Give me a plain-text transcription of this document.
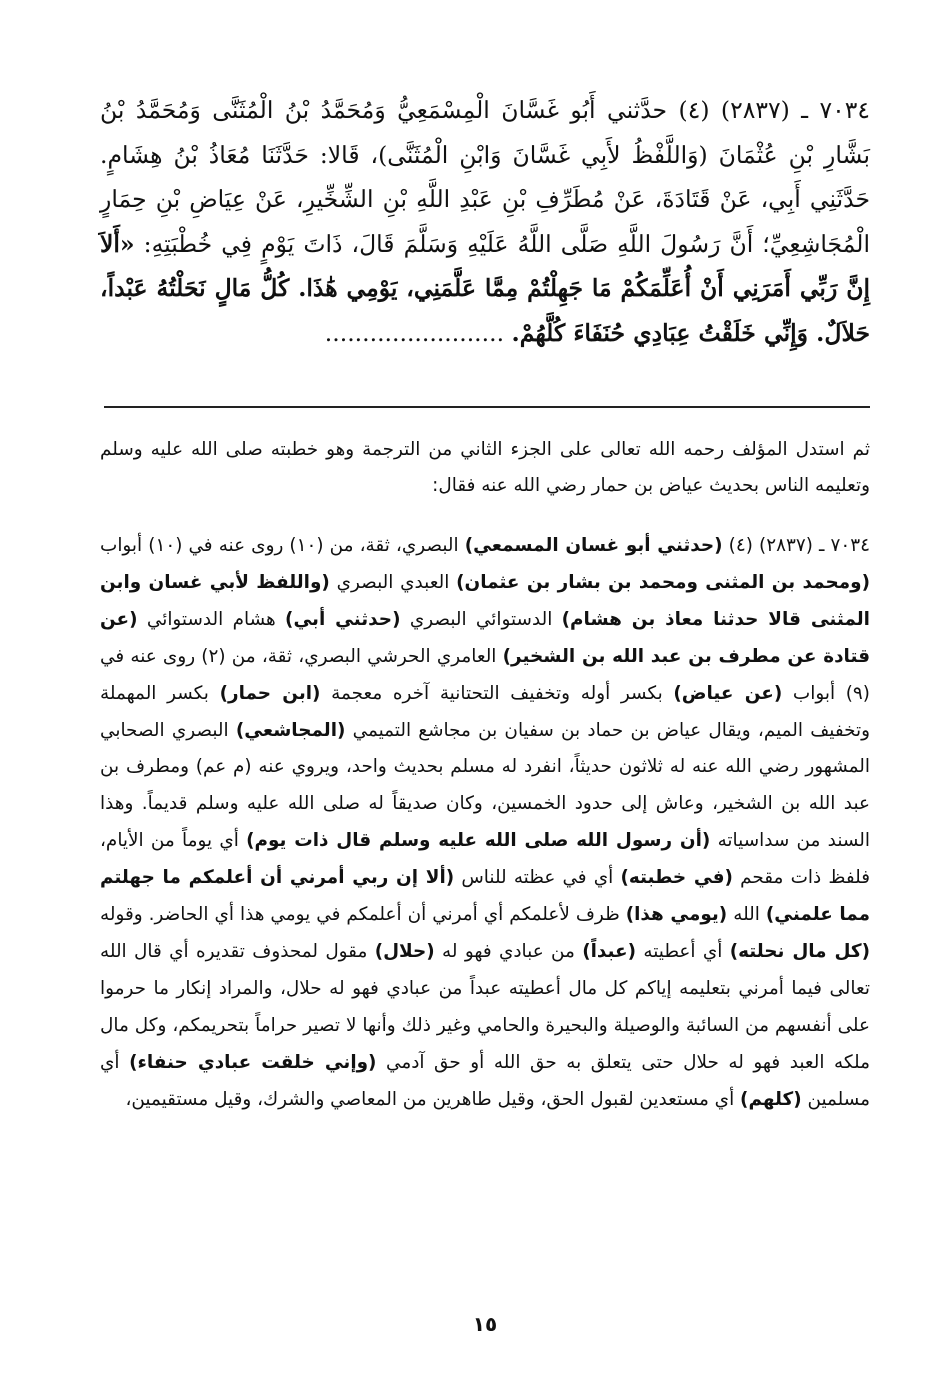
٧٠٣٤ ـ (٢٨٣٧) (٤) حدَّثني أَبُو غَسَّانَ الْمِسْمَعِيُّ وَمُحَمَّدُ بْنُ الْمُثَنَّى وَمُحَمَّدُ بْنُ بَشَّارِ بْنِ عُثْمَانَ (وَاللَّفْظُ لأَبِي غَسَّانَ وَابْنِ الْمُثَنَّى)، قَالا: حَدَّثَنَا مُعَاذُ بْنُ هِشَامٍ. حَدَّثَنِي أَبِي، عَنْ قَتَادَةَ، عَنْ مُطَرِّفِ بْنِ عَبْدِ اللَّهِ بْنِ الشِّخِّيرِ، عَنْ عِيَاضِ بْنِ حِمَارٍ الْمُجَاشِعِيِّ؛ أَنَّ رَسُولَ اللَّهِ صَلَّى اللَّهُ عَلَيْهِ وَسَلَّمَ قَالَ، ذَاتَ يَوْمٍ فِي خُطْبَتِهِ: «أَلاَ إِنَّ رَبِّي أَمَرَنِي أَنْ أُعَلِّمَكُمْ مَا جَهِلْتُمْ مِمَّا عَلَّمَنِي، يَوْمِي هَٰذَا. كُلُّ مَالٍ نَحَلْتُهُ عَبْداً، حَلاَلٌ. وَإِنِّي خَلَقْتُ عِبَادِي حُنَفَاءَ كُلَّهُمْ. ........................

ثم استدل المؤلف رحمه الله تعالى على الجزء الثاني من الترجمة وهو خطبته صلى الله عليه وسلم وتعليمه الناس بحديث عياض بن حمار رضي الله عنه فقال:

٧٠٣٤ ـ (٢٨٣٧) (٤) (حدثني أبو غسان المسمعي) البصري، ثقة، من (١٠) روى عنه في (١٠) أبواب (ومحمد بن المثنى ومحمد بن بشار بن عثمان) العبدي البصري (واللفظ لأبي غسان وابن المثنى قالا حدثنا معاذ بن هشام) الدستوائي البصري (حدثني أبي) هشام الدستوائي (عن قتادة عن مطرف بن عبد الله بن الشخير) العامري الحرشي البصري، ثقة، من (٢) روى عنه في (٩) أبواب (عن عياض) بكسر أوله وتخفيف التحتانية آخره معجمة (ابن حمار) بكسر المهملة وتخفيف الميم، ويقال عياض بن حماد بن سفيان بن مجاشع التميمي (المجاشعي) البصري الصحابي المشهور رضي الله عنه له ثلاثون حديثاً، انفرد له مسلم بحديث واحد، ويروي عنه (م عم) ومطرف بن عبد الله بن الشخير، وعاش إلى حدود الخمسين، وكان صديقاً له صلى الله عليه وسلم قديماً. وهذا السند من سداسياته (أن رسول الله صلى الله عليه وسلم قال ذات يوم) أي يوماً من الأيام، فلفظ ذات مقحم (في خطبته) أي في عظته للناس (ألا إن ربي أمرني أن أعلمكم ما جهلتم مما علمني) الله (يومي هذا) ظرف لأعلمكم أي أمرني أن أعلمكم في يومي هذا أي الحاضر. وقوله (كل مال نحلته) أي أعطيته (عبداً) من عبادي فهو له (حلال) مقول لمحذوف تقديره أي قال الله تعالى فيما أمرني بتعليمه إياكم كل مال أعطيته عبداً من عبادي فهو له حلال، والمراد إنكار ما حرموا على أنفسهم من السائبة والوصيلة والبحيرة والحامي وغير ذلك وأنها لا تصير حراماً بتحريمكم، وكل مال ملكه العبد فهو له حلال حتى يتعلق به حق الله أو حق آدمي (وإني خلقت عبادي حنفاء) أي مسلمين (كلهم) أي مستعدين لقبول الحق، وقيل طاهرين من المعاصي والشرك، وقيل مستقيمين،

١٥
